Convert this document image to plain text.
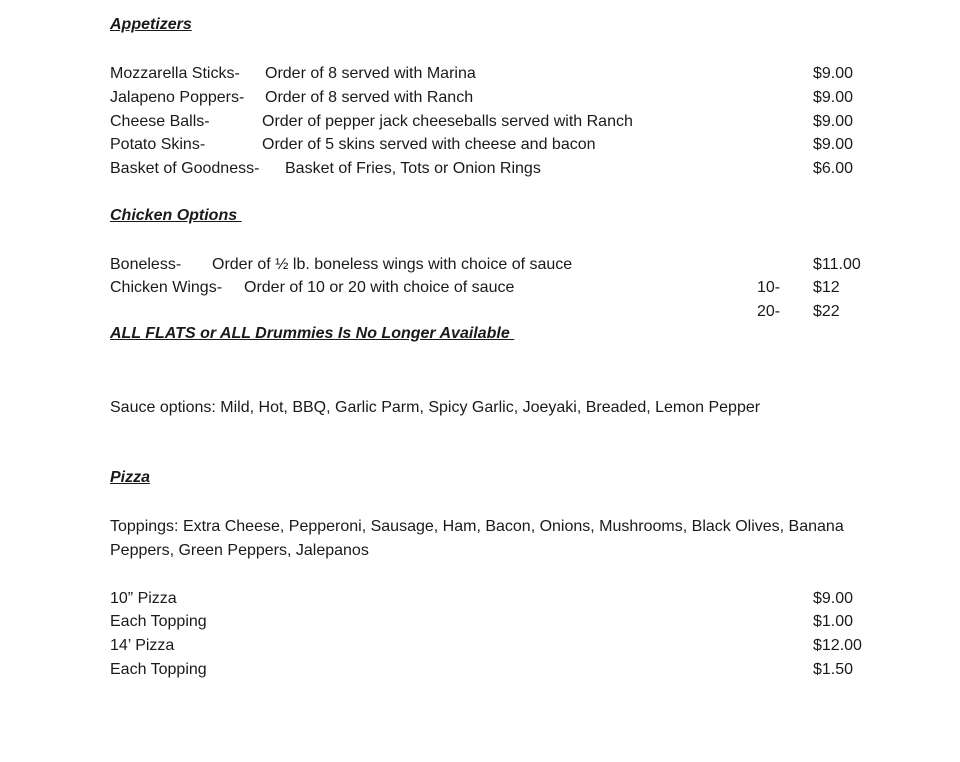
Appetizers
Mozzarella Sticks- Order of 8 served with Marina	$9.00
Jalapeno Poppers- Order of 8 served with Ranch	$9.00
Cheese Balls-	Order of pepper jack cheeseballs served with Ranch	$9.00
Potato Skins-	Order of 5 skins served with cheese and bacon	$9.00
Basket of Goodness- Basket of Fries, Tots or Onion Rings	$6.00
Chicken Options
Boneless- Order of ½ lb. boneless wings with choice of sauce	$11.00
Chicken Wings- Order of 10 or 20 with choice of sauce	10- $12
20- $22
ALL FLATS or ALL Drummies Is No Longer Available
Sauce options: Mild, Hot, BBQ, Garlic Parm, Spicy Garlic, Joeyaki, Breaded, Lemon Pepper
Pizza
Toppings: Extra Cheese, Pepperoni, Sausage, Ham, Bacon, Onions, Mushrooms, Black Olives, Banana Peppers, Green Peppers, Jalepanos
10” Pizza	$9.00
Each Topping	$1.00
14’ Pizza	$12.00
Each Topping	$1.50
